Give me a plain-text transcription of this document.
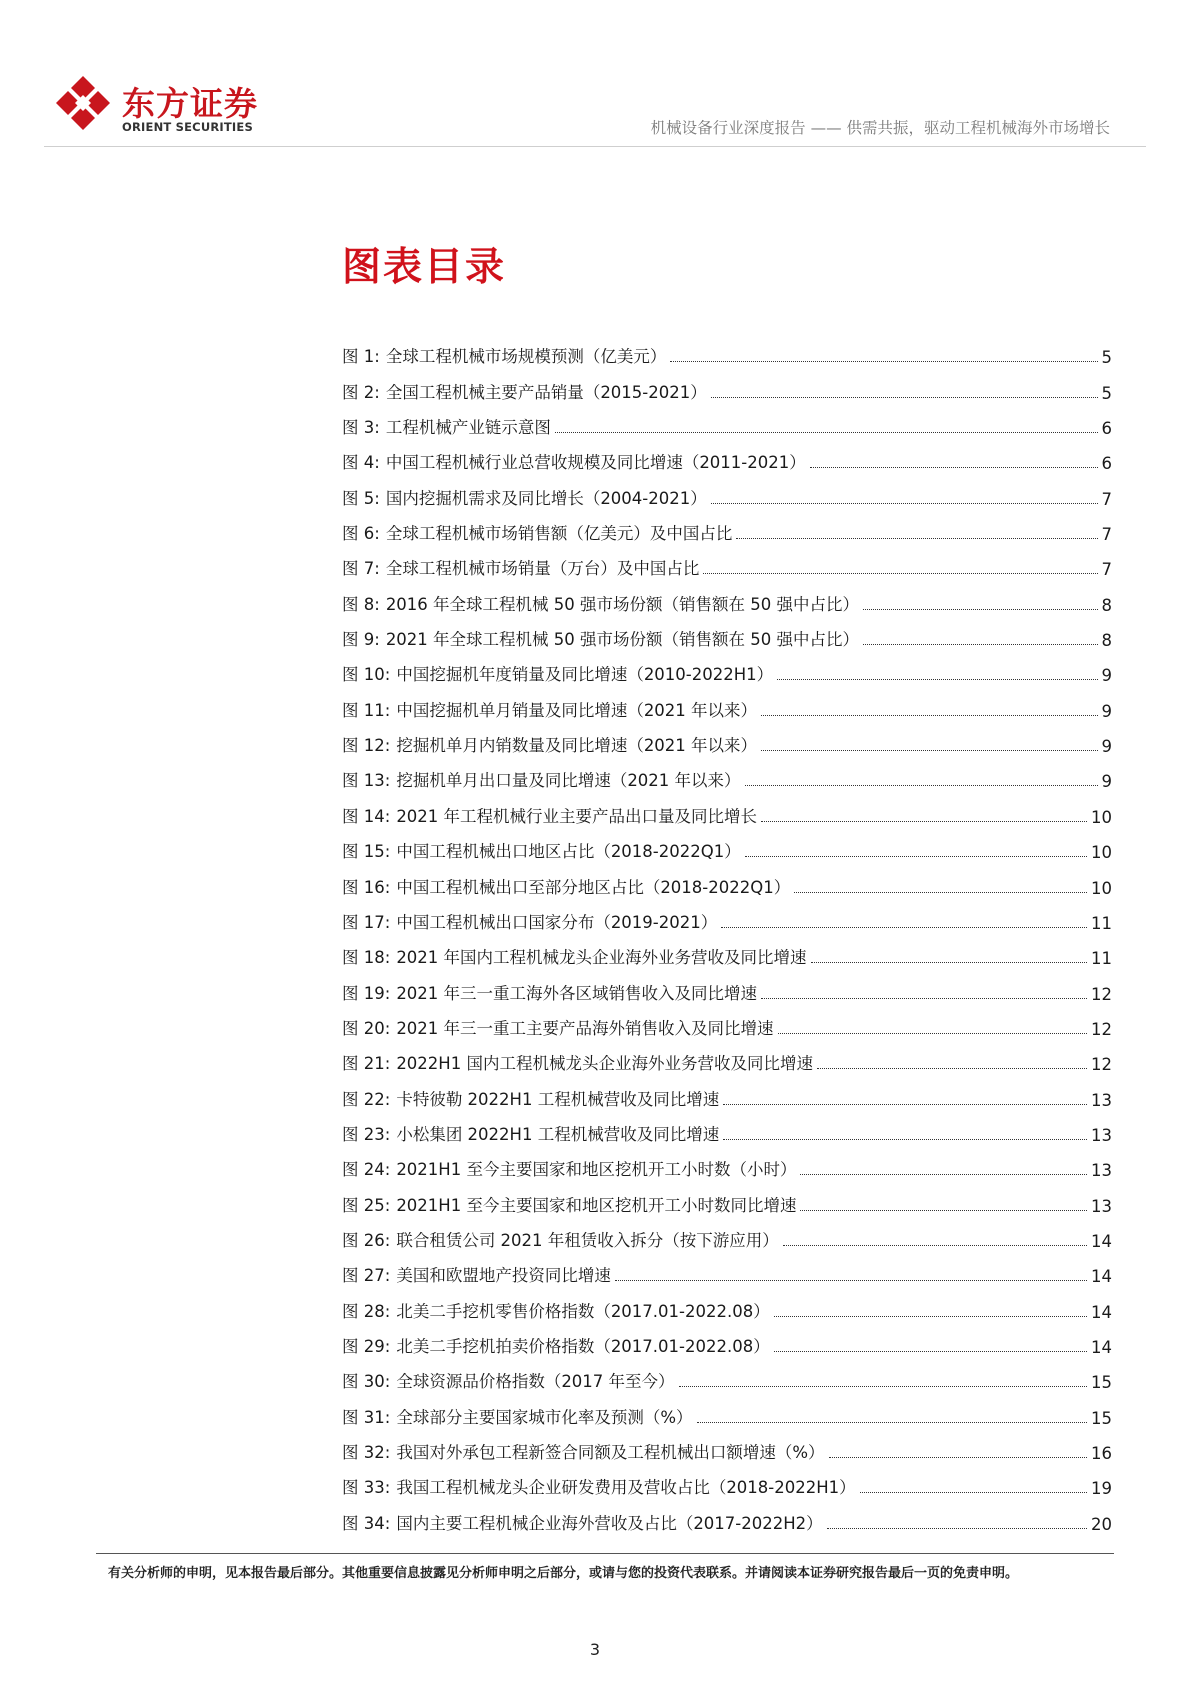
东方证券
ORIENT SECURITIES	机械设备行业深度报告 —— 供需共振，驱动工程机械海外市场增长
图表目录
图 1: 全球工程机械市场规模预测（亿美元）	5
图 2: 全国工程机械主要产品销量（2015-2021）	5
图 3: 工程机械产业链示意图	6
图 4: 中国工程机械行业总营收规模及同比增速（2011-2021）	6
图 5: 国内挖掘机需求及同比增长（2004-2021）	7
图 6: 全球工程机械市场销售额（亿美元）及中国占比	7
图 7: 全球工程机械市场销量（万台）及中国占比	7
图 8: 2016 年全球工程机械 50 强市场份额（销售额在 50 强中占比）	8
图 9: 2021 年全球工程机械 50 强市场份额（销售额在 50 强中占比）	8
图 10: 中国挖掘机年度销量及同比增速（2010-2022H1）	9
图 11: 中国挖掘机单月销量及同比增速（2021 年以来）	9
图 12: 挖掘机单月内销数量及同比增速（2021 年以来）	9
图 13: 挖掘机单月出口量及同比增速（2021 年以来）	9
图 14: 2021 年工程机械行业主要产品出口量及同比增长	10
图 15: 中国工程机械出口地区占比（2018-2022Q1）	10
图 16: 中国工程机械出口至部分地区占比（2018-2022Q1）	10
图 17: 中国工程机械出口国家分布（2019-2021）	11
图 18: 2021 年国内工程机械龙头企业海外业务营收及同比增速	11
图 19: 2021 年三一重工海外各区域销售收入及同比增速	12
图 20: 2021 年三一重工主要产品海外销售收入及同比增速	12
图 21: 2022H1 国内工程机械龙头企业海外业务营收及同比增速	12
图 22: 卡特彼勒 2022H1 工程机械营收及同比增速	13
图 23: 小松集团 2022H1 工程机械营收及同比增速	13
图 24: 2021H1 至今主要国家和地区挖机开工小时数（小时）	13
图 25: 2021H1 至今主要国家和地区挖机开工小时数同比增速	13
图 26: 联合租赁公司 2021 年租赁收入拆分（按下游应用）	14
图 27: 美国和欧盟地产投资同比增速	14
图 28: 北美二手挖机零售价格指数（2017.01-2022.08）	14
图 29: 北美二手挖机拍卖价格指数（2017.01-2022.08）	14
图 30: 全球资源品价格指数（2017 年至今）	15
图 31: 全球部分主要国家城市化率及预测（%）	15
图 32: 我国对外承包工程新签合同额及工程机械出口额增速（%）	16
图 33: 我国工程机械龙头企业研发费用及营收占比（2018-2022H1）	19
图 34: 国内主要工程机械企业海外营收及占比（2017-2022H2）	20
有关分析师的申明，见本报告最后部分。其他重要信息披露见分析师申明之后部分，或请与您的投资代表联系。并请阅读本证券研究报告最后一页的免责申明。
3
